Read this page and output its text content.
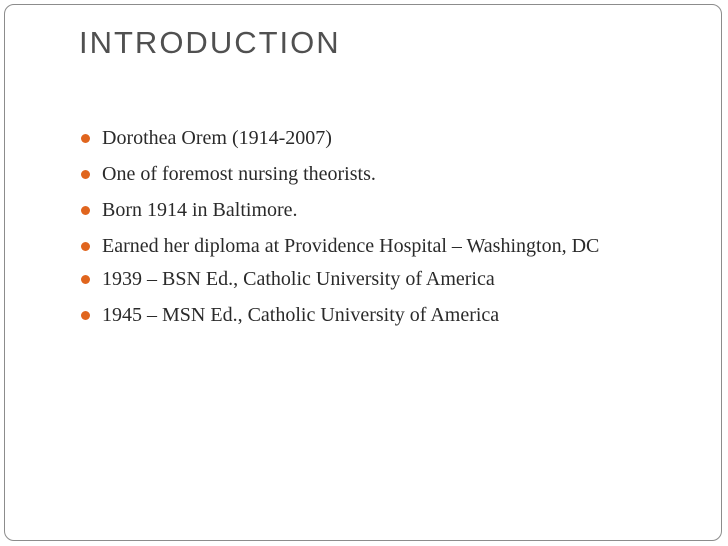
INTRODUCTION
Dorothea Orem (1914-2007)
One of foremost nursing theorists.
Born 1914 in Baltimore.
Earned her diploma at Providence Hospital – Washington, DC
1939 – BSN Ed., Catholic University of America
1945 – MSN Ed., Catholic University of America
